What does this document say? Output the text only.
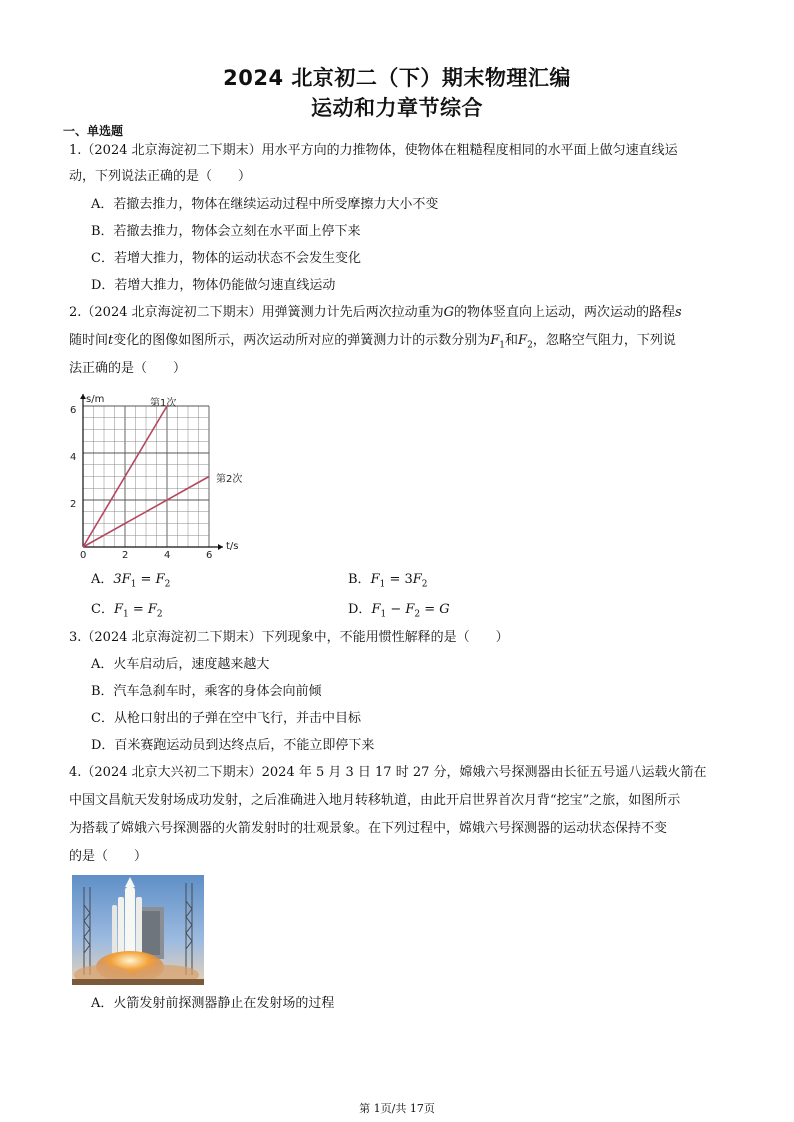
2024 北京初二（下）期末物理汇编
运动和力章节综合
一、单选题
1.（2024 北京海淀初二下期末）用水平方向的力推物体，使物体在粗糙程度相同的水平面上做匀速直线运
动，下列说法正确的是（　　）
A．若撤去推力，物体在继续运动过程中所受摩擦力大小不变
B．若撤去推力，物体会立刻在水平面上停下来
C．若增大推力，物体的运动状态不会发生变化
D．若增大推力，物体仍能做匀速直线运动
2.（2024 北京海淀初二下期末）用弹簧测力计先后两次拉动重为G的物体竖直向上运动，两次运动的路程s
随时间t变化的图像如图所示，两次运动所对应的弹簧测力计的示数分别为$F_1$和$F_2$，忽略空气阻力，下列说
法正确的是（　　）
s/m
t/s
6
4
2
0	2	4	6
第1次
第2次
A．$3F_1 = F_2$	B．$F_1 = 3F_2$
C．$F_1 = F_2$	D．$F_1 - F_2 = G$
3.（2024 北京海淀初二下期末）下列现象中，不能用惯性解释的是（　　）
A．火车启动后，速度越来越大
B．汽车急刹车时，乘客的身体会向前倾
C．从枪口射出的子弹在空中飞行，并击中目标
D．百米赛跑运动员到达终点后，不能立即停下来
4.（2024 北京大兴初二下期末）2024 年 5 月 3 日 17 时 27 分，嫦娥六号探测器由长征五号遥八运载火箭在
中国文昌航天发射场成功发射，之后准确进入地月转移轨道，由此开启世界首次月背“挖宝”之旅，如图所示
为搭载了嫦娥六号探测器的火箭发射时的壮观景象。在下列过程中，嫦娥六号探测器的运动状态保持不变
的是（　　）
A．火箭发射前探测器静止在发射场的过程
第 1页/共 17页
